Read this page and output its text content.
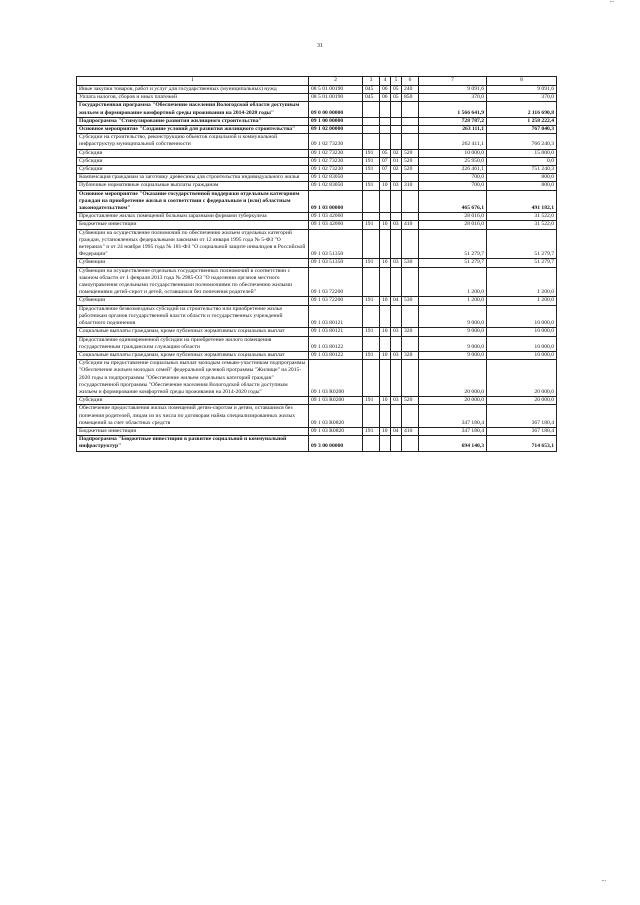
31
...
...
1	2	3	4	5	6	7	8
Иные закупки товаров, работ и услуг для государственных (муниципальных) нужд	08 5 01 00190	045	06	05	240	9 091,6	9 091,6
Уплата налогов, сборов и иных платежей	08 5 01 00190	045	06	05	850	370,0	370,0
Государственная программа "Обеспечение населения Вологодской области доступным жильем и формирование комфортной среды проживания на 2014-2020 годы"	09 0 00 00000					1 566 641,9	2 116 690,8
Подпрограмма "Стимулирование развития жилищного строительства"	09 1 00 00000					728 787,2	1 258 222,4
Основное мероприятие "Создание условий для развития жилищного строительства"	09 1 02 00000					263 111,1	767 040,3
Субсидии на строительство, реконструкцию объектов социальной и коммунальной инфраструктур муниципальной собственности	09 1 02 73230					262 411,1	766 240,3
Субсидии	09 1 02 73230	191	05	02	520	10 000,0	15 000,0
Субсидии	09 1 02 73230	191	07	01	520	25 950,0	0,0
Субсидии	09 1 02 73230	191	07	02	520	226 461,1	751 240,3
Компенсация гражданам за заготовку древесины для строительства индивидуального жилья	09 1 02 83050					700,0	800,0
Публичные нормативные социальные выплаты гражданам	09 1 02 83050	191	10	03	310	700,0	800,0
Основное мероприятие "Оказание государственной поддержки отдельным категориям граждан на приобретение жилья в соответствии с федеральным и (или) областным законодательством"	09 1 03 00000					465 676,1	491 182,1
Предоставление жилых помещений больным заразными формами туберкулеза	09 1 03 42060					28 016,0	31 522,0
Бюджетные инвестиции	09 1 03 42060	191	10	03	410	28 016,0	31 522,0
Субвенции на осуществление полномочий по обеспечению жильем отдельных категорий граждан, установленных федеральными законами от 12 января 1995 года № 5-ФЗ "О ветеранах" и от 24 ноября 1995 года № 181-ФЗ "О социальной защите инвалидов в Российской Федерации"	09 1 03 51350					51 279,7	51 279,7
Субвенции	09 1 03 51350	191	10	03	530	51 279,7	51 279,7
Субвенции на осуществление отдельных государственных полномочий в соответствии с законом области от 1 февраля 2013 года № 2985-ОЗ "О наделении органов местного самоуправления отдельными государственными полномочиями по обеспечению жилыми помещениями детей-сирот и детей, оставшихся без попечения родителей"	09 1 03 72200					1 200,0	1 200,0
Субвенции	09 1 03 72200	191	10	04	530	1 200,0	1 200,0
Предоставление безвозмездных субсидий на строительство или приобретение жилья работникам органов государственной власти области и государственных учреждений областного подчинения	09 1 03 80121					9 000,0	10 000,0
Социальные выплаты гражданам, кроме публичных нормативных социальных выплат	09 1 03 80121	191	10	03	320	9 000,0	10 000,0
Предоставление единовременной субсидии на приобретение жилого помещения государственным гражданским служащим области	09 1 03 80122					9 000,0	10 000,0
Социальные выплаты гражданам, кроме публичных нормативных социальных выплат	09 1 03 80122	191	10	03	320	9 000,0	10 000,0
Субсидии на предоставление социальных выплат молодым семьям-участникам подпрограммы "Обеспечение жильем молодых семей" федеральной целевой программы "Жилище" на 2015-2020 годы и подпрограммы "Обеспечение жильем отдельных категорий граждан" государственной программы "Обеспечение населения Вологодской области доступным жильем и формирование комфортной среды проживания на 2014-2020 годы"	09 1 03 R0200					20 000,0	20 000,0
Субсидии	09 1 03 R0200	191	10	03	520	20 000,0	20 000,0
Обеспечение предоставления жилых помещений детям-сиротам и детям, оставшимся без попечения родителей, лицам из их числа по договорам найма специализированных жилых помещений за счет областных средств	09 1 03 R0820					347 180,4	367 180,4
Бюджетные инвестиции	09 1 03 R0820	191	10	04	410	347 180,4	367 180,4
Подпрограмма "Бюджетные инвестиции в развитие социальной и коммунальной инфраструктур"	09 3 00 00000					694 140,3	714 653,1
